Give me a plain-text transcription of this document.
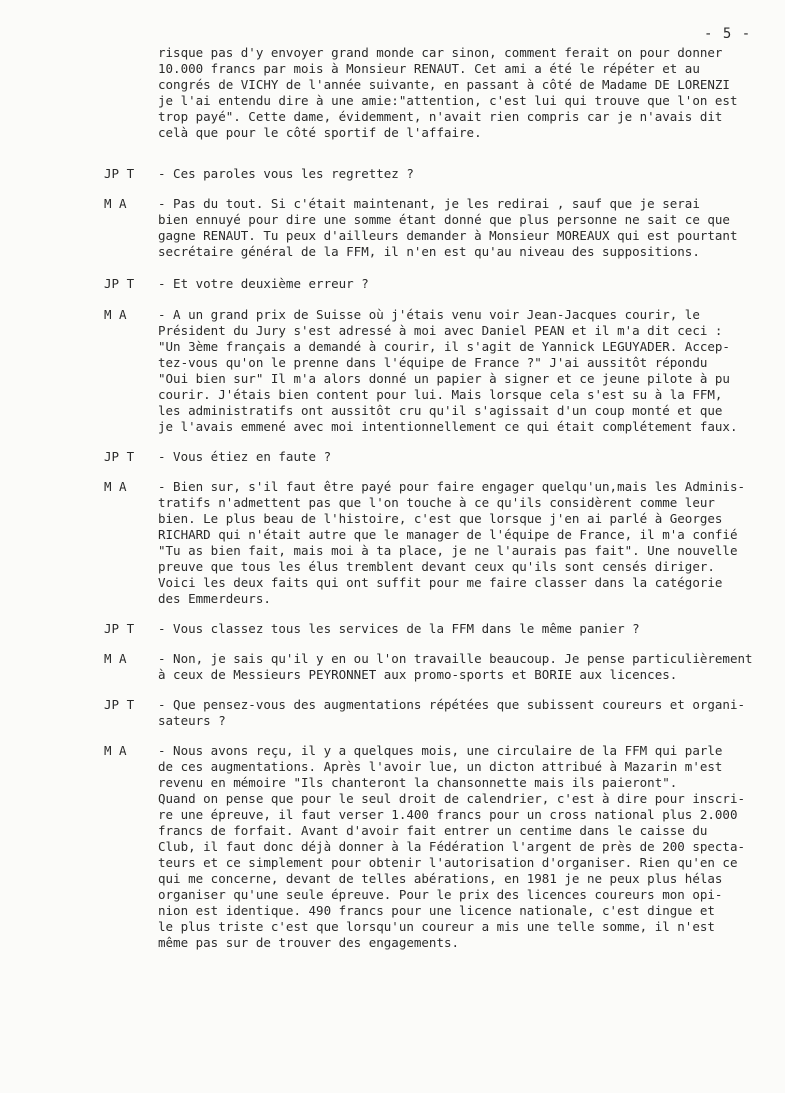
- 5 -
risque pas d'y envoyer grand monde car sinon, comment ferait on pour donner
10.000 francs par mois à Monsieur RENAUT. Cet ami a été le répéter et au
congrés de VICHY de l'année suivante, en passant à côté de Madame DE LORENZI
je l'ai entendu dire à une amie:"attention, c'est lui qui trouve que l'on est
trop payé". Cette dame, évidemment, n'avait rien compris car je n'avais dit
celà que pour le côté sportif de l'affaire.
JP T - Ces paroles vous les regrettez ?
M A	- Pas du tout. Si c'était maintenant, je les redirai , sauf que je serai
bien ennuyé pour dire une somme étant donné que plus personne ne sait ce que
gagne RENAUT. Tu peux d'ailleurs demander à Monsieur MOREAUX qui est pourtant
secrétaire général de la FFM, il n'en est qu'au niveau des suppositions.
JP T - Et votre deuxième erreur ?
M A	- A un grand prix de Suisse où j'étais venu voir Jean-Jacques courir, le
Président du Jury s'est adressé à moi avec Daniel PEAN et il m'a dit ceci :
"Un 3ème français a demandé à courir, il s'agit de Yannick LEGUYADER. Accep-
tez-vous qu'on le prenne dans l'équipe de France ?" J'ai aussitôt répondu
"Oui bien sur" Il m'a alors donné un papier à signer et ce jeune pilote à pu
courir. J'étais bien content pour lui. Mais lorsque cela s'est su à la FFM,
les administratifs ont aussitôt cru qu'il s'agissait d'un coup monté et que
je l'avais emmené avec moi intentionnellement ce qui était complétement faux.
JP T - Vous étiez en faute ?
M A	- Bien sur, s'il faut être payé pour faire engager quelqu'un,mais les Adminis-
tratifs n'admettent pas que l'on touche à ce qu'ils considèrent comme leur
bien. Le plus beau de l'histoire, c'est que lorsque j'en ai parlé à Georges
RICHARD qui n'était autre que le manager de l'équipe de France, il m'a confié
"Tu as bien fait, mais moi à ta place, je ne l'aurais pas fait". Une nouvelle
preuve que tous les élus tremblent devant ceux qu'ils sont censés diriger.
Voici les deux faits qui ont suffit pour me faire classer dans la catégorie
des Emmerdeurs.
JP T - Vous classez tous les services de la FFM dans le même panier ?
M A	- Non, je sais qu'il y en ou l'on travaille beaucoup. Je pense particulièrement
à ceux de Messieurs PEYRONNET aux promo-sports et BORIE aux licences.
JP T - Que pensez-vous des augmentations répétées que subissent coureurs et organi-
sateurs ?
M A	- Nous avons reçu, il y a quelques mois, une circulaire de la FFM qui parle
de ces augmentations. Après l'avoir lue, un dicton attribué à Mazarin m'est
revenu en mémoire "Ils chanteront la chansonnette mais ils paieront".
Quand on pense que pour le seul droit de calendrier, c'est à dire pour inscri-
re une épreuve, il faut verser 1.400 francs pour un cross national plus 2.000
francs de forfait. Avant d'avoir fait entrer un centime dans le caisse du
Club, il faut donc déjà donner à la Fédération l'argent de près de 200 specta-
teurs et ce simplement pour obtenir l'autorisation d'organiser. Rien qu'en ce
qui me concerne, devant de telles abérations, en 1981 je ne peux plus hélas
organiser qu'une seule épreuve. Pour le prix des licences coureurs mon opi-
nion est identique. 490 francs pour une licence nationale, c'est dingue et
le plus triste c'est que lorsqu'un coureur a mis une telle somme, il n'est
même pas sur de trouver des engagements.
